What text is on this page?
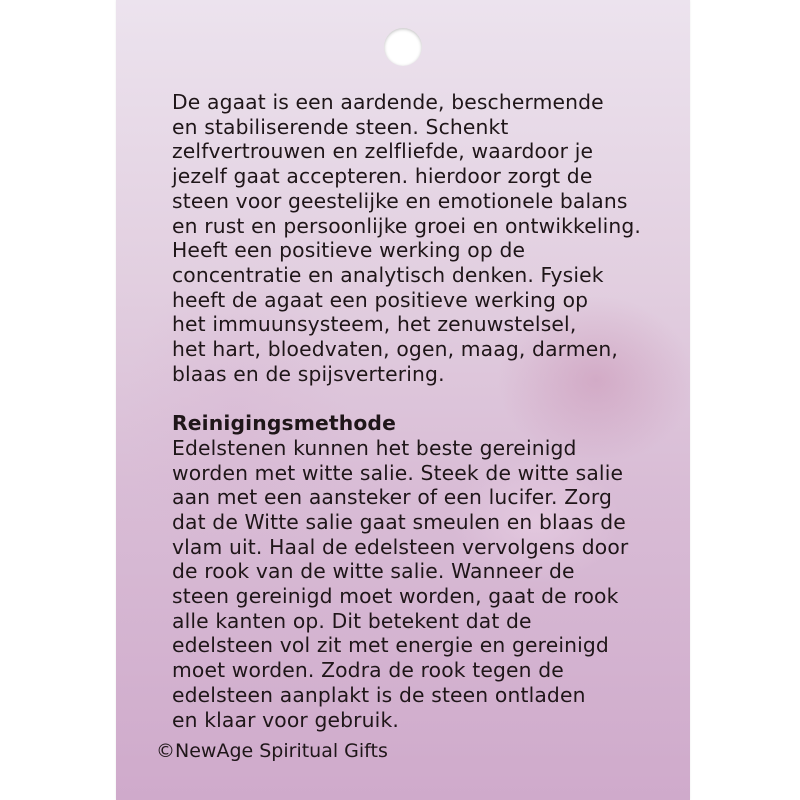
De agaat is een aardende, beschermende
en stabiliserende steen. Schenkt
zelfvertrouwen en zelfliefde, waardoor je
jezelf gaat accepteren. hierdoor zorgt de
steen voor geestelijke en emotionele balans
en rust en persoonlijke groei en ontwikkeling.
Heeft een positieve werking op de
concentratie en analytisch denken. Fysiek
heeft de agaat een positieve werking op
het immuunsysteem, het zenuwstelsel,
het hart, bloedvaten, ogen, maag, darmen,
blaas en de spijsvertering.
Reinigingsmethode
Edelstenen kunnen het beste gereinigd
worden met witte salie. Steek de witte salie
aan met een aansteker of een lucifer. Zorg
dat de Witte salie gaat smeulen en blaas de
vlam uit. Haal de edelsteen vervolgens door
de rook van de witte salie. Wanneer de
steen gereinigd moet worden, gaat de rook
alle kanten op. Dit betekent dat de
edelsteen vol zit met energie en gereinigd
moet worden. Zodra de rook tegen de
edelsteen aanplakt is de steen ontladen
en klaar voor gebruik.
©NewAge Spiritual Gifts
